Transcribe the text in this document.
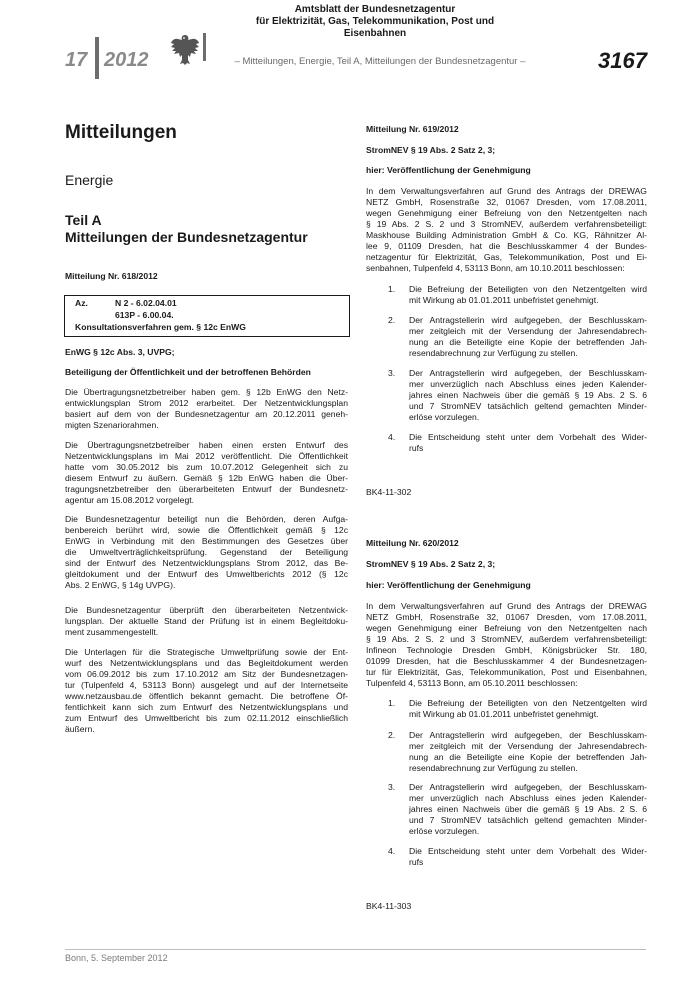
17 2012
Amtsblatt der Bundesnetzagentur
für Elektrizität, Gas, Telekommunikation, Post und Eisenbahnen
– Mitteilungen, Energie, Teil A, Mitteilungen der Bundesnetzagentur –	3167
Mitteilungen
Energie
Teil A
Mitteilungen der Bundesnetzagentur
Mitteilung Nr. 618/2012
Az.	N 2 - 6.02.04.01
613P - 6.00.04.
Konsultationsverfahren gem. § 12c EnWG
EnWG § 12c Abs. 3, UVPG;
Beteiligung der Öffentlichkeit und der betroffenen Behörden
Die Übertragungsnetzbetreiber haben gem. § 12b EnWG den Netz-
entwicklungsplan Strom 2012 erarbeitet. Der Netzentwicklungsplan
basiert auf dem von der Bundesnetzagentur am 20.12.2011 geneh-
migten Szenariorahmen.
Die Übertragungsnetzbetreiber haben einen ersten Entwurf des
Netzentwicklungsplans im Mai 2012 veröffentlicht. Die Öffentlichkeit
hatte vom 30.05.2012 bis zum 10.07.2012 Gelegenheit sich zu
diesem Entwurf zu äußern. Gemäß § 12b EnWG haben die Über-
tragungsnetzbetreiber den überarbeiteten Entwurf der Bundesnetz-
agentur am 15.08.2012 vorgelegt.
Die Bundesnetzagentur beteiligt nun die Behörden, deren Aufga-
benbereich berührt wird, sowie die Öffentlichkeit gemäß § 12c
EnWG in Verbindung mit den Bestimmungen des Gesetzes über
die Umweltverträglichkeitsprüfung. Gegenstand der Beteiligung
sind der Entwurf des Netzentwicklungsplans Strom 2012, das Be-
gleitdokument und der Entwurf des Umweltberichts 2012 (§ 12c
Abs. 2 EnWG, § 14g UVPG).
Die Bundesnetzagentur überprüft den überarbeiteten Netzentwick-
lungsplan. Der aktuelle Stand der Prüfung ist in einem Begleitdoku-
ment zusammengestellt.
Die Unterlagen für die Strategische Umweltprüfung sowie der Ent-
wurf des Netzentwicklungsplans und das Begleitdokument werden
vom 06.09.2012 bis zum 17.10.2012 am Sitz der Bundesnetzagen-
tur (Tulpenfeld 4, 53113 Bonn) ausgelegt und auf der Internetseite
www.netzausbau.de öffentlich bekannt gemacht. Die betroffene Öf-
fentlichkeit kann sich zum Entwurf des Netzentwicklungsplans und
zum Entwurf des Umweltbericht bis zum 02.11.2012 einschließlich
äußern.
Mitteilung Nr. 619/2012
StromNEV § 19 Abs. 2 Satz 2, 3;
hier: Veröffentlichung der Genehmigung
In dem Verwaltungsverfahren auf Grund des Antrags der DREWAG
NETZ GmbH, Rosenstraße 32, 01067 Dresden, vom 17.08.2011,
wegen Genehmigung einer Befreiung von den Netzentgelten nach
§ 19 Abs. 2 S. 2 und 3 StromNEV, außerdem verfahrensbeteiligt:
Maskhouse Building Administration GmbH & Co. KG, Rähnitzer Al-
lee 9, 01109 Dresden, hat die Beschlusskammer 4 der Bundes-
netzagentur für Elektrizität, Gas, Telekommunikation, Post und Ei-
senbahnen, Tulpenfeld 4, 53113 Bonn, am 10.10.2011 beschlossen:
1. Die Befreiung der Beteiligten von den Netzentgelten wird
mit Wirkung ab 01.01.2011 unbefristet genehmigt.
2. Der Antragstellerin wird aufgegeben, der Beschlusskam-
mer zeitgleich mit der Versendung der Jahresendabrech-
nung an die Beteiligte eine Kopie der betreffenden Jah-
resendabrechnung zur Verfügung zu stellen.
3. Der Antragstellerin wird aufgegeben, der Beschlusskam-
mer unverzüglich nach Abschluss eines jeden Kalender-
jahres einen Nachweis über die gemäß § 19 Abs. 2 S. 6
und 7 StromNEV tatsächlich geltend gemachten Minder-
erlöse vorzulegen.
4. Die Entscheidung steht unter dem Vorbehalt des Wider-
rufs
BK4-11-302
Mitteilung Nr. 620/2012
StromNEV § 19 Abs. 2 Satz 2, 3;
hier: Veröffentlichung der Genehmigung
In dem Verwaltungsverfahren auf Grund des Antrags der DREWAG
NETZ GmbH, Rosenstraße 32, 01067 Dresden, vom 17.08.2011,
wegen Genehmigung einer Befreiung von den Netzentgelten nach
§ 19 Abs. 2 S. 2 und 3 StromNEV, außerdem verfahrensbeteiligt:
Infineon Technologie Dresden GmbH, Königsbrücker Str. 180,
01099 Dresden, hat die Beschlusskammer 4 der Bundesnetzagen-
tur für Elektrizität, Gas, Telekommunikation, Post und Eisenbahnen,
Tulpenfeld 4, 53113 Bonn, am 05.10.2011 beschlossen:
1. Die Befreiung der Beteiligten von den Netzentgelten wird
mit Wirkung ab 01.01.2011 unbefristet genehmigt.
2. Der Antragstellerin wird aufgegeben, der Beschlusskam-
mer zeitgleich mit der Versendung der Jahresendabrech-
nung an die Beteiligte eine Kopie der betreffenden Jah-
resendabrechnung zur Verfügung zu stellen.
3. Der Antragstellerin wird aufgegeben, der Beschlusskam-
mer unverzüglich nach Abschluss eines jeden Kalender-
jahres einen Nachweis über die gemäß § 19 Abs. 2 S. 6
und 7 StromNEV tatsächlich geltend gemachten Minder-
erlöse vorzulegen.
4. Die Entscheidung steht unter dem Vorbehalt des Wider-
rufs
BK4-11-303
Bonn, 5. September 2012
